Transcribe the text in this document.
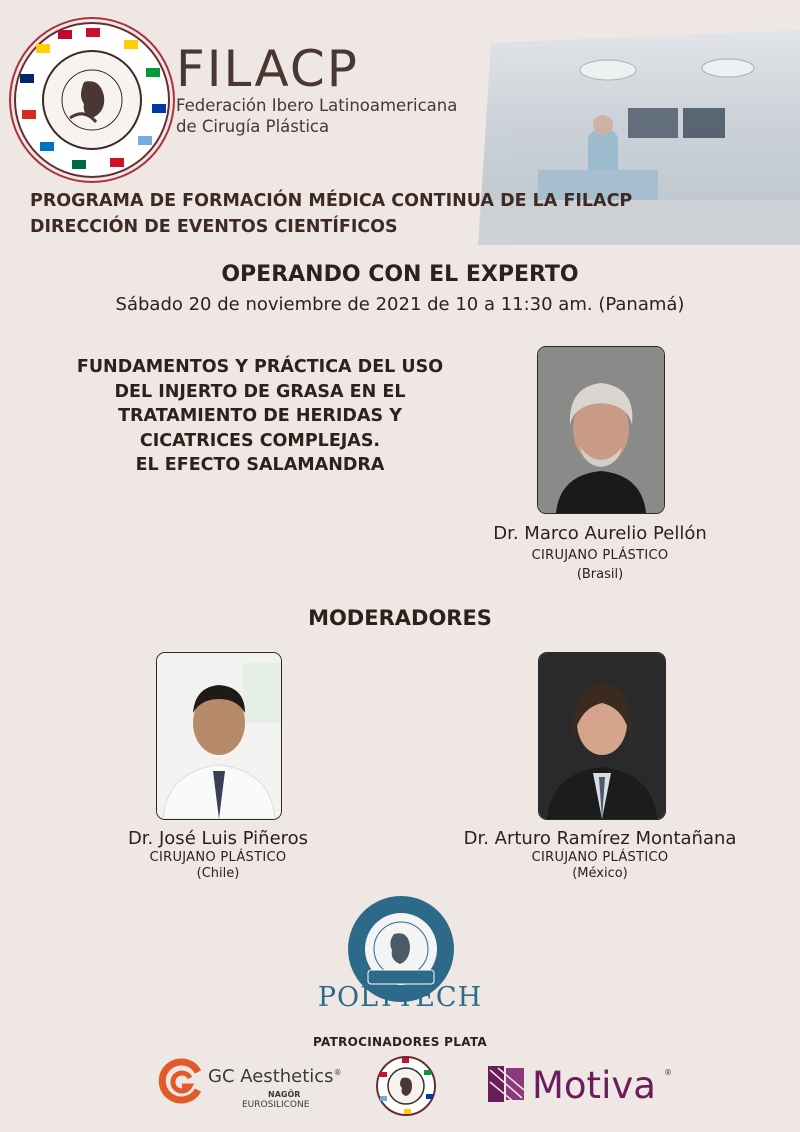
FILACP
Federación Ibero Latinoamericana
de Cirugía Plástica
PROGRAMA DE FORMACIÓN MÉDICA CONTINUA DE LA FILACP
DIRECCIÓN DE EVENTOS CIENTÍFICOS
OPERANDO CON EL EXPERTO
Sábado 20 de noviembre de 2021 de 10 a 11:30 am. (Panamá)
FUNDAMENTOS Y PRÁCTICA DEL USO
DEL INJERTO DE GRASA EN EL
TRATAMIENTO DE HERIDAS Y
CICATRICES COMPLEJAS.
EL EFECTO SALAMANDRA
Dr. Marco Aurelio Pellón
CIRUJANO PLÁSTICO
(Brasil)
MODERADORES
Dr. José Luis Piñeros
CIRUJANO PLÁSTICO
(Chile)
Dr. Arturo Ramírez Montañana
CIRUJANO PLÁSTICO
(México)
POLYTECH
PATROCINADORES PLATA
GC Aesthetics®
NAGŌR
EUROSILICONE	Motiva ®
